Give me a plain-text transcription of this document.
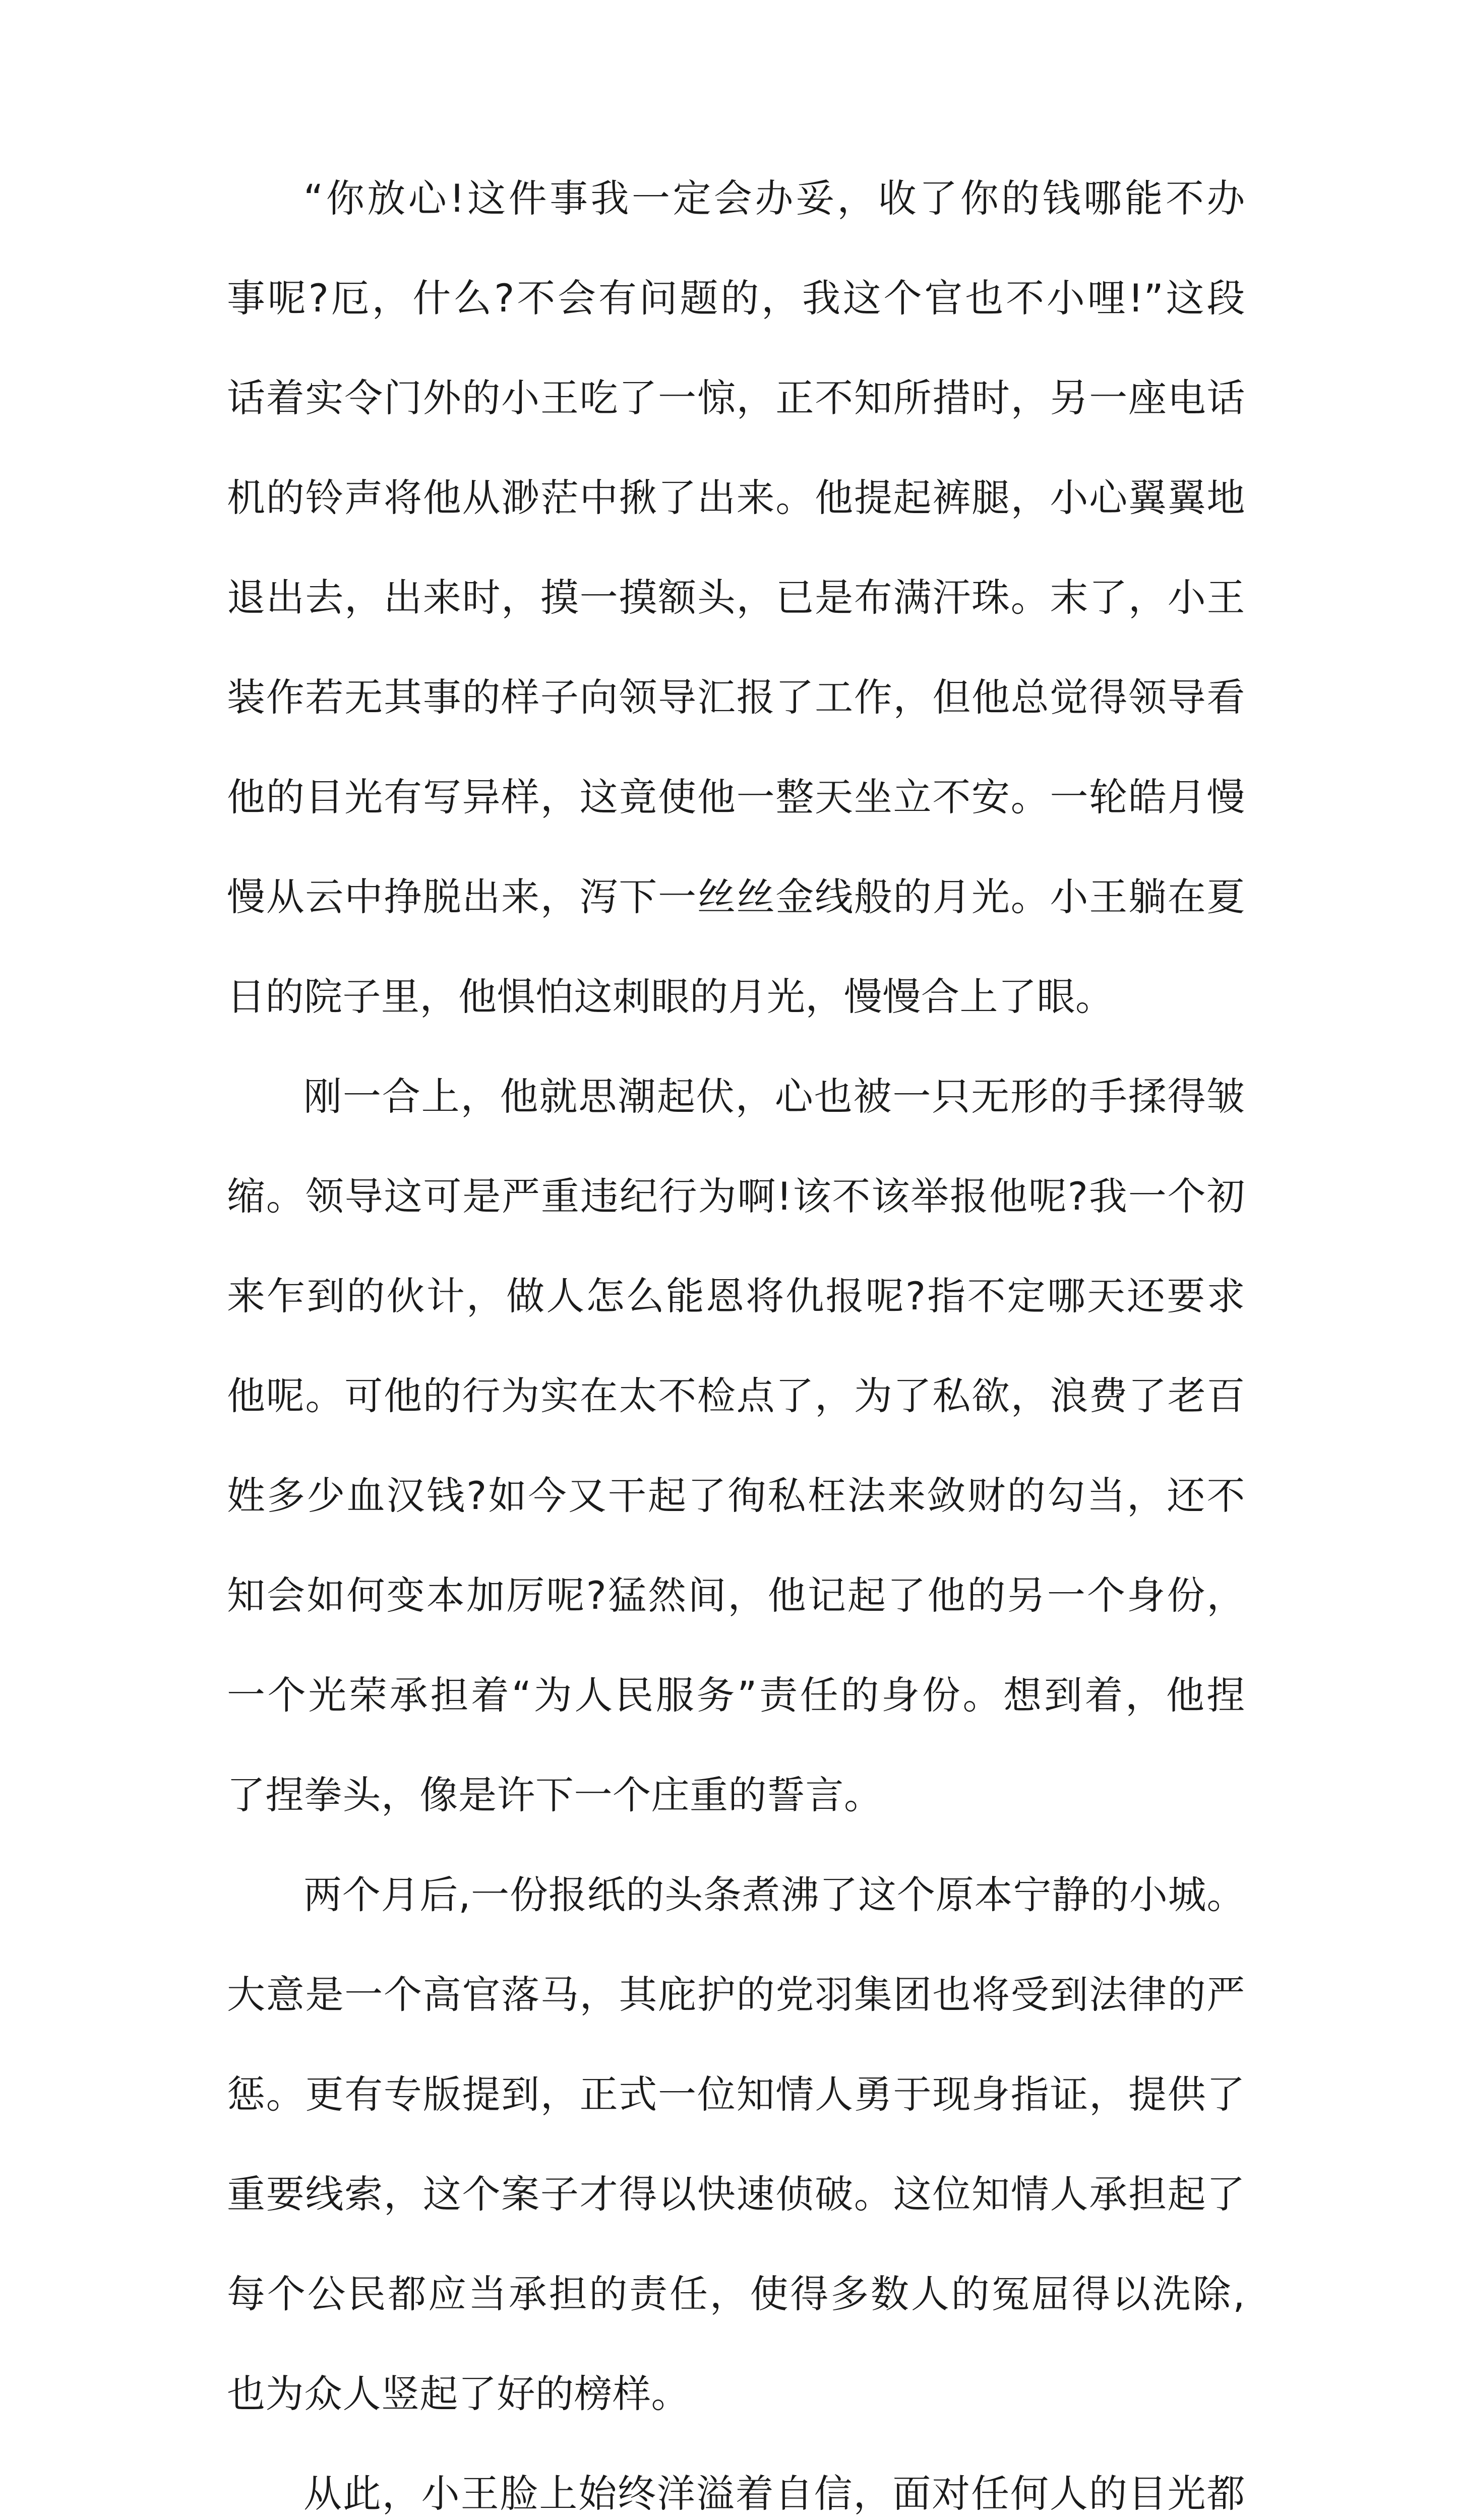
“你放心!这件事我一定会办妥，收了你的钱哪能不办
事呢?厄，什么?不会有问题的，我这个官也不小哩!”这段
话着实令门外的小王吃了一惊，正不知所措时，另一座电话
机的铃声将他从渺茫中揪了出来。他提起裤腿，小心翼翼地
退出去，出来时，摸一摸额头，已是布满汗珠。末了，小王
装作若无其事的样子向领导汇报了工作，但他总觉得领导看
他的目光有写异样，这竟使他一整天坐立不安。一轮皓月慢
慢从云中挣脱出来，泻下一丝丝金线般的月光。小王躺在夏
日的院子里，他惧怕这刺眼的月光，慢慢合上了眼。
刚一合上，他就思潮起伏，心也被一只无形的手揉得皱
缩。领导这可是严重违纪行为啊!该不该举报他呢?我一个初
来乍到的伙计，做人怎么能恩将仇报呢?指不定哪天还要求
他呢。可他的行为实在太不检点了，为了私欲，浪费了老百
姓多少血汉钱?如今又干起了徇私枉法来敛财的勾当，还不
知会如何变本加厉呢?猛然间，他记起了他的另一个身份，
一个光荣承担着“为人民服务”责任的身份。想到着，他捏
了捏拳头，像是许下一个庄重的誓言。
两个月后,一份报纸的头条煮沸了这个原本宁静的小城。
大意是一个高官落马，其庇护的党羽集团也将受到法律的严
惩。更有专版提到，正式一位知情人勇于现身指证，提供了
重要线索，这个案子才得以快速侦破。这位知情人承担起了
每个公民都应当承担的责任，使得多数人的冤屈得以洗除,
也为众人竖起了好的榜样。
从此，小王脸上始终洋溢着自信，面对任何人的目光都
